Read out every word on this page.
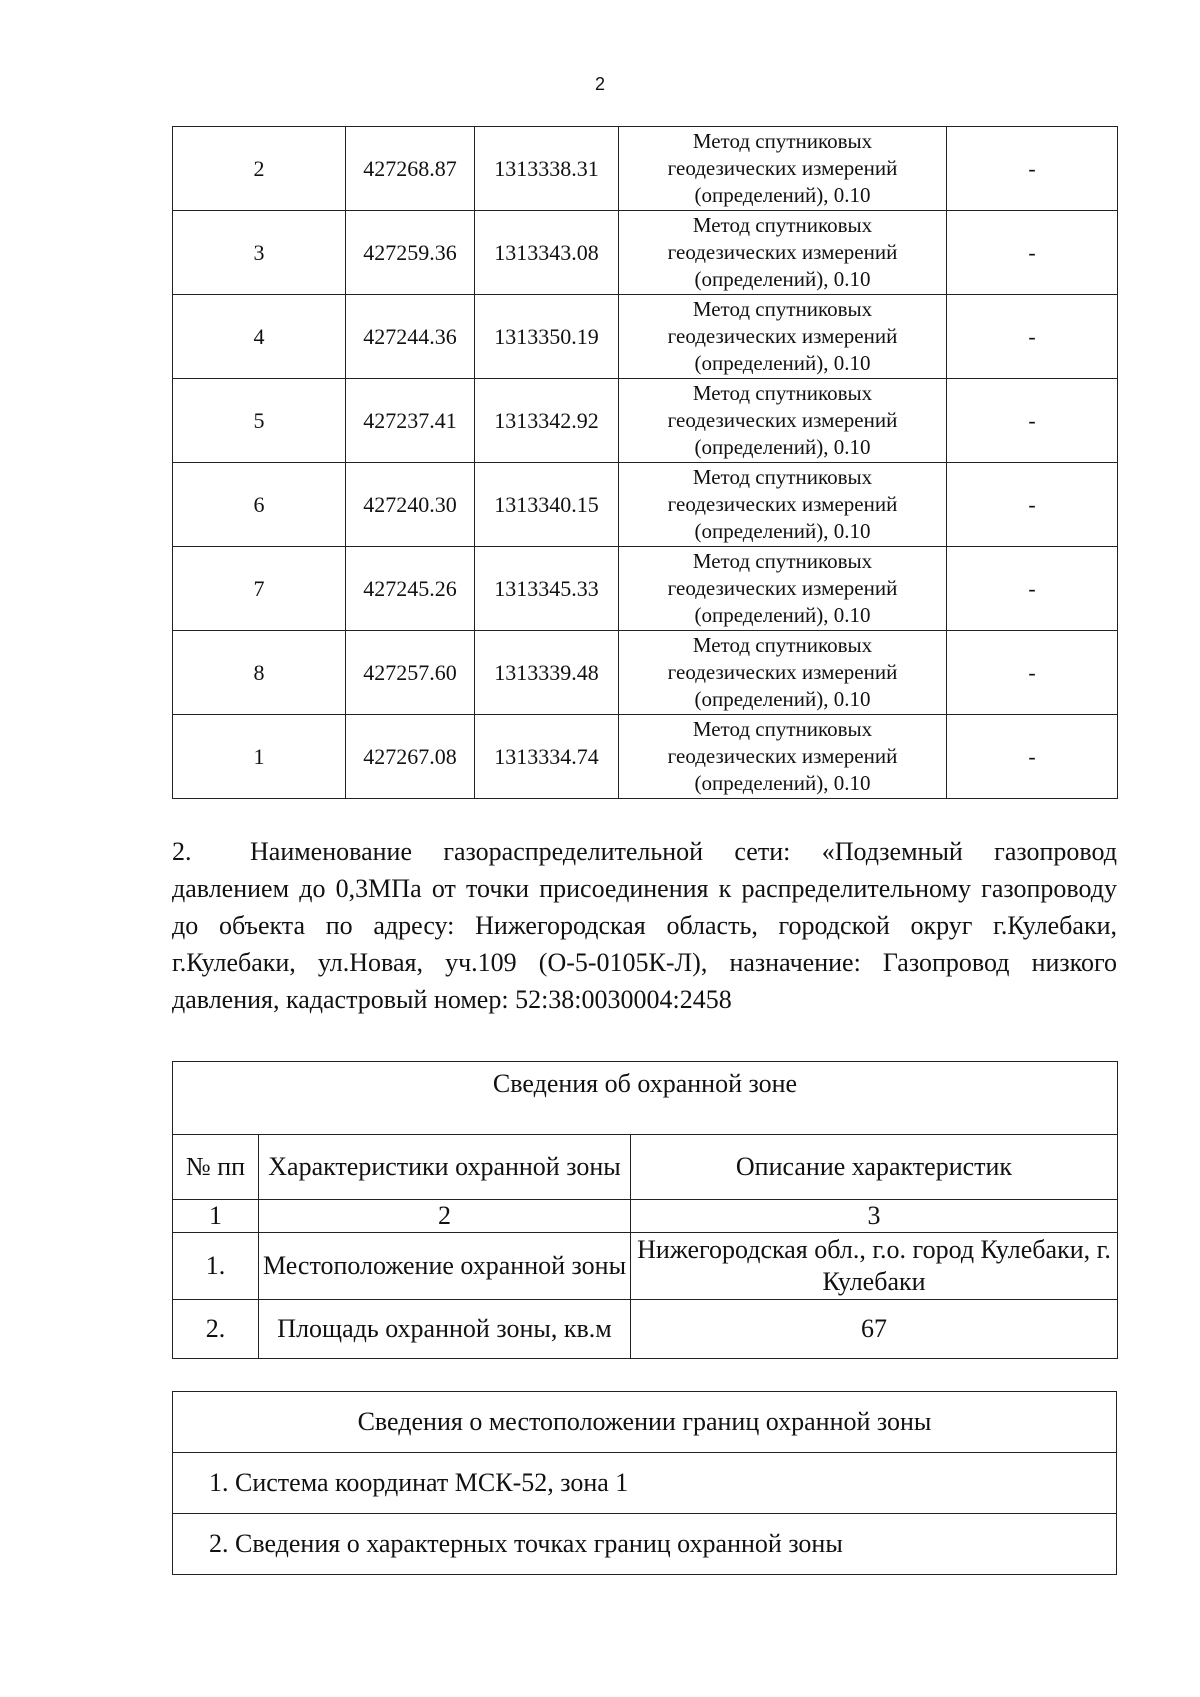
2
2	427268.87	1313338.31	Метод спутниковых
геодезических измерений
(определений), 0.10	-
3	427259.36	1313343.08	Метод спутниковых
геодезических измерений
(определений), 0.10	-
4	427244.36	1313350.19	Метод спутниковых
геодезических измерений
(определений), 0.10	-
5	427237.41	1313342.92	Метод спутниковых
геодезических измерений
(определений), 0.10	-
6	427240.30	1313340.15	Метод спутниковых
геодезических измерений
(определений), 0.10	-
7	427245.26	1313345.33	Метод спутниковых
геодезических измерений
(определений), 0.10	-
8	427257.60	1313339.48	Метод спутниковых
геодезических измерений
(определений), 0.10	-
1	427267.08	1313334.74	Метод спутниковых
геодезических измерений
(определений), 0.10	-

2. Наименование газораспределительной сети: «Подземный газопровод давлением до 0,3МПа от точки присоединения к распределительному газопроводу до объекта по адресу: Нижегородская область, городской округ г.Кулебаки, г.Кулебаки, ул.Новая, уч.109 (О-5-0105К-Л), назначение: Газопровод низкого давления, кадастровый номер: 52:38:0030004:2458

Сведения об охранной зоне		
№ пп	Характеристики охранной зоны	Описание характеристик
1	2	3
1.	Местоположение охранной зоны	Нижегородская обл., г.о. город Кулебаки, г. Кулебаки
2.	Площадь охранной зоны, кв.м	67
Сведения о местоположении границ охранной зоны
1. Система координат МСК-52, зона 1
2. Сведения о характерных точках границ охранной зоны
